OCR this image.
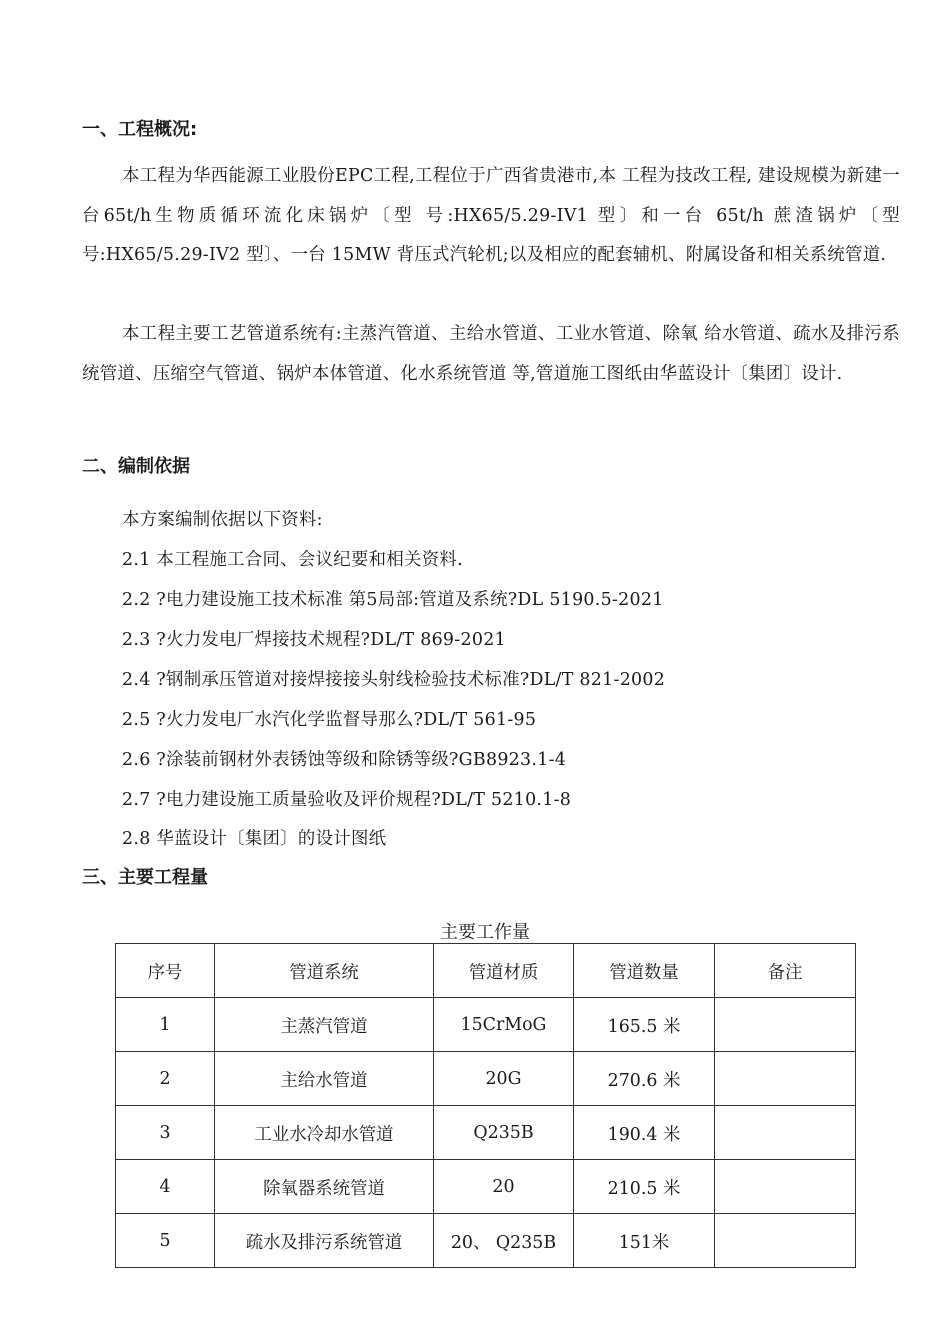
一、工程概况:

本工程为华西能源工业股份EPC工程,工程位于广西省贵港市,本 工程为技改工程, 建设规模为新建一台65t/h生物质循环流化床锅炉〔型 号:HX65/5.29-IV1 型〕和一台 65t/h 蔗渣锅炉〔型号:HX65/5.29-IV2 型〕、一台 15MW 背压式汽轮机;以及相应的配套辅机、附属设备和相关系统管道.

本工程主要工艺管道系统有:主蒸汽管道、主给水管道、工业水管道、除氧 给水管道、疏水及排污系统管道、压缩空气管道、锅炉本体管道、化水系统管道 等,管道施工图纸由华蓝设计〔集团〕设计.

二、编制依据
本方案编制依据以下资料:
2.1 本工程施工合同、会议纪要和相关资料.
2.2 ?电力建设施工技术标准 第5局部:管道及系统?DL 5190.5-2021
2.3 ?火力发电厂焊接技术规程?DL/T 869-2021
2.4 ?钢制承压管道对接焊接接头射线检验技术标准?DL/T 821-2002
2.5 ?火力发电厂水汽化学监督导那么?DL/T 561-95
2.6 ?涂装前钢材外表锈蚀等级和除锈等级?GB8923.1-4
2.7 ?电力建设施工质量验收及评价规程?DL/T 5210.1-8
2.8 华蓝设计〔集团〕的设计图纸
三、主要工程量
主要工作量
序号	管道系统	管道材质	管道数量	备注
1	主蒸汽管道	15CrMoG	165.5 米	
2	主给水管道	20G	270.6 米	
3	工业水冷却水管道	Q235B	190.4 米	
4	除氧器系统管道	20	210.5 米	
5	疏水及排污系统管道	20、 Q235B	151米	
